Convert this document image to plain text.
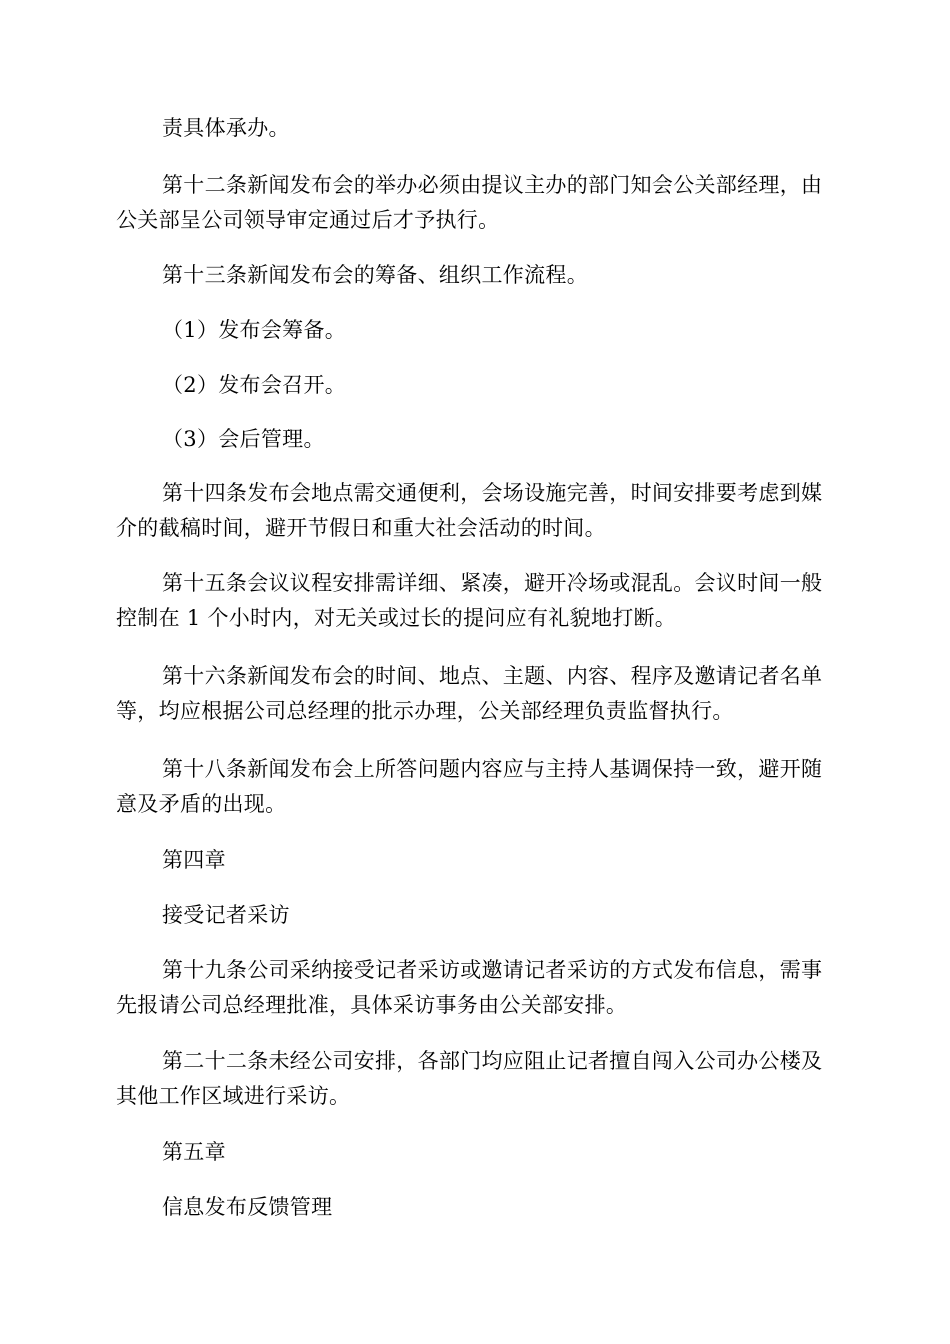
责具体承办。

第十二条新闻发布会的举办必须由提议主办的部门知会公关部经理，由公关部呈公司领导审定通过后才予执行。

第十三条新闻发布会的筹备、组织工作流程。

（1）发布会筹备。

（2）发布会召开。

（3）会后管理。

第十四条发布会地点需交通便利，会场设施完善，时间安排要考虑到媒介的截稿时间，避开节假日和重大社会活动的时间。

第十五条会议议程安排需详细、紧凑，避开冷场或混乱。会议时间一般控制在 1 个小时内，对无关或过长的提问应有礼貌地打断。

第十六条新闻发布会的时间、地点、主题、内容、程序及邀请记者名单等，均应根据公司总经理的批示办理，公关部经理负责监督执行。

第十八条新闻发布会上所答问题内容应与主持人基调保持一致，避开随意及矛盾的出现。

第四章

接受记者采访

第十九条公司采纳接受记者采访或邀请记者采访的方式发布信息，需事先报请公司总经理批准，具体采访事务由公关部安排。

第二十二条未经公司安排，各部门均应阻止记者擅自闯入公司办公楼及其他工作区域进行采访。

第五章

信息发布反馈管理
